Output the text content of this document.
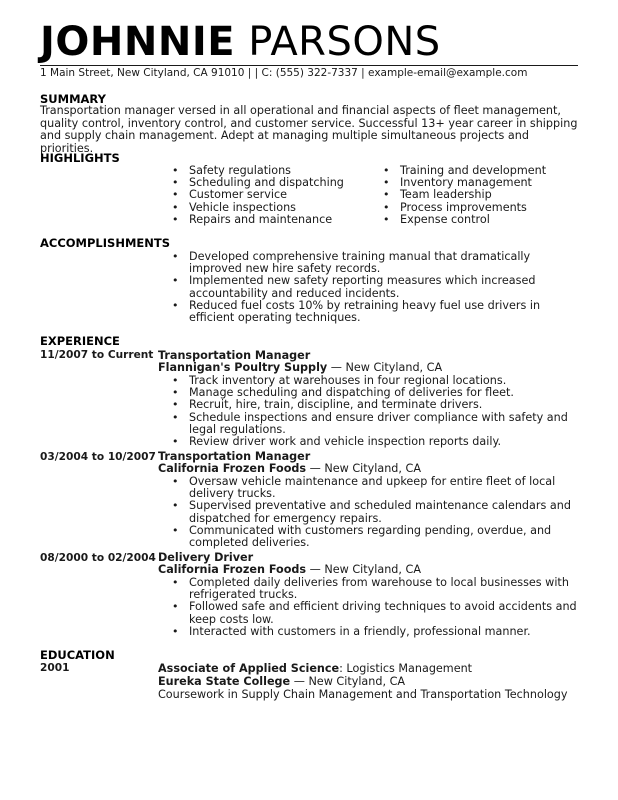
JOHNNIE PARSONS
1 Main Street, New Cityland, CA 91010 | | C: (555) 322-7337 | example-email@example.com
SUMMARY
Transportation manager versed in all operational and financial aspects of fleet management, quality control, inventory control, and customer service. Successful 13+ year career in shipping and supply chain management. Adept at managing multiple simultaneous projects and priorities.
HIGHLIGHTS
• Safety regulations
• Scheduling and dispatching
• Customer service
• Vehicle inspections
• Repairs and maintenance
• Training and development
• Inventory management
• Team leadership
• Process improvements
• Expense control
ACCOMPLISHMENTS
• Developed comprehensive training manual that dramatically improved new hire safety records.
• Implemented new safety reporting measures which increased accountability and reduced incidents.
• Reduced fuel costs 10% by retraining heavy fuel use drivers in efficient operating techniques.
EXPERIENCE
11/2007 to Current Transportation Manager
Flannigan's Poultry Supply — New Cityland, CA
• Track inventory at warehouses in four regional locations.
• Manage scheduling and dispatching of deliveries for fleet.
• Recruit, hire, train, discipline, and terminate drivers.
• Schedule inspections and ensure driver compliance with safety and legal regulations.
• Review driver work and vehicle inspection reports daily.
03/2004 to 10/2007 Transportation Manager
California Frozen Foods — New Cityland, CA
• Oversaw vehicle maintenance and upkeep for entire fleet of local delivery trucks.
• Supervised preventative and scheduled maintenance calendars and dispatched for emergency repairs.
• Communicated with customers regarding pending, overdue, and completed deliveries.
08/2000 to 02/2004 Delivery Driver
California Frozen Foods — New Cityland, CA
• Completed daily deliveries from warehouse to local businesses with refrigerated trucks.
• Followed safe and efficient driving techniques to avoid accidents and keep costs low.
• Interacted with customers in a friendly, professional manner.
EDUCATION
2001	Associate of Applied Science: Logistics Management
Eureka State College — New Cityland, CA
Coursework in Supply Chain Management and Transportation Technology
